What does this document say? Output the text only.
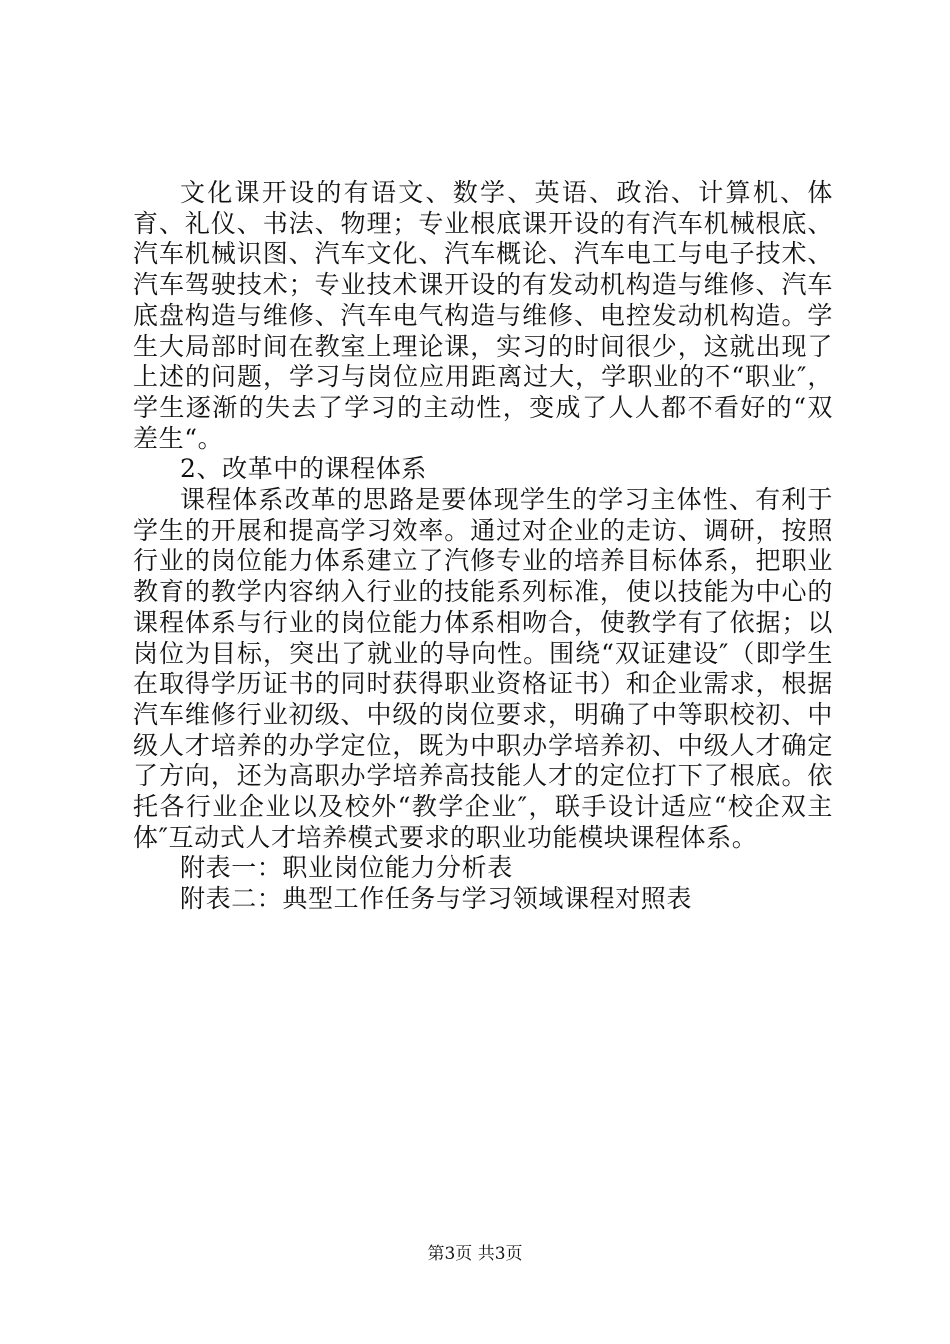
文化课开设的有语文、数学、英语、政治、计算机、体育、礼仪、书法、物理；专业根底课开设的有汽车机械根底、汽车机械识图、汽车文化、汽车概论、汽车电工与电子技术、汽车驾驶技术；专业技术课开设的有发动机构造与维修、汽车底盘构造与维修、汽车电气构造与维修、电控发动机构造。学生大局部时间在教室上理论课，实习的时间很少，这就出现了上述的问题，学习与岗位应用距离过大，学职业的不“职业″，学生逐渐的失去了学习的主动性，变成了人人都不看好的“双差生“。

2、改革中的课程体系

课程体系改革的思路是要体现学生的学习主体性、有利于学生的开展和提高学习效率。通过对企业的走访、调研，按照行业的岗位能力体系建立了汽修专业的培养目标体系，把职业教育的教学内容纳入行业的技能系列标准，使以技能为中心的课程体系与行业的岗位能力体系相吻合，使教学有了依据；以岗位为目标，突出了就业的导向性。围绕“双证建设″（即学生在取得学历证书的同时获得职业资格证书）和企业需求，根据汽车维修行业初级、中级的岗位要求，明确了中等职校初、中级人才培养的办学定位，既为中职办学培养初、中级人才确定了方向，还为高职办学培养高技能人才的定位打下了根底。依托各行业企业以及校外“教学企业″，联手设计适应“校企双主体″互动式人才培养模式要求的职业功能模块课程体系。

附表一：职业岗位能力分析表

附表二：典型工作任务与学习领域课程对照表

第3页 共3页
